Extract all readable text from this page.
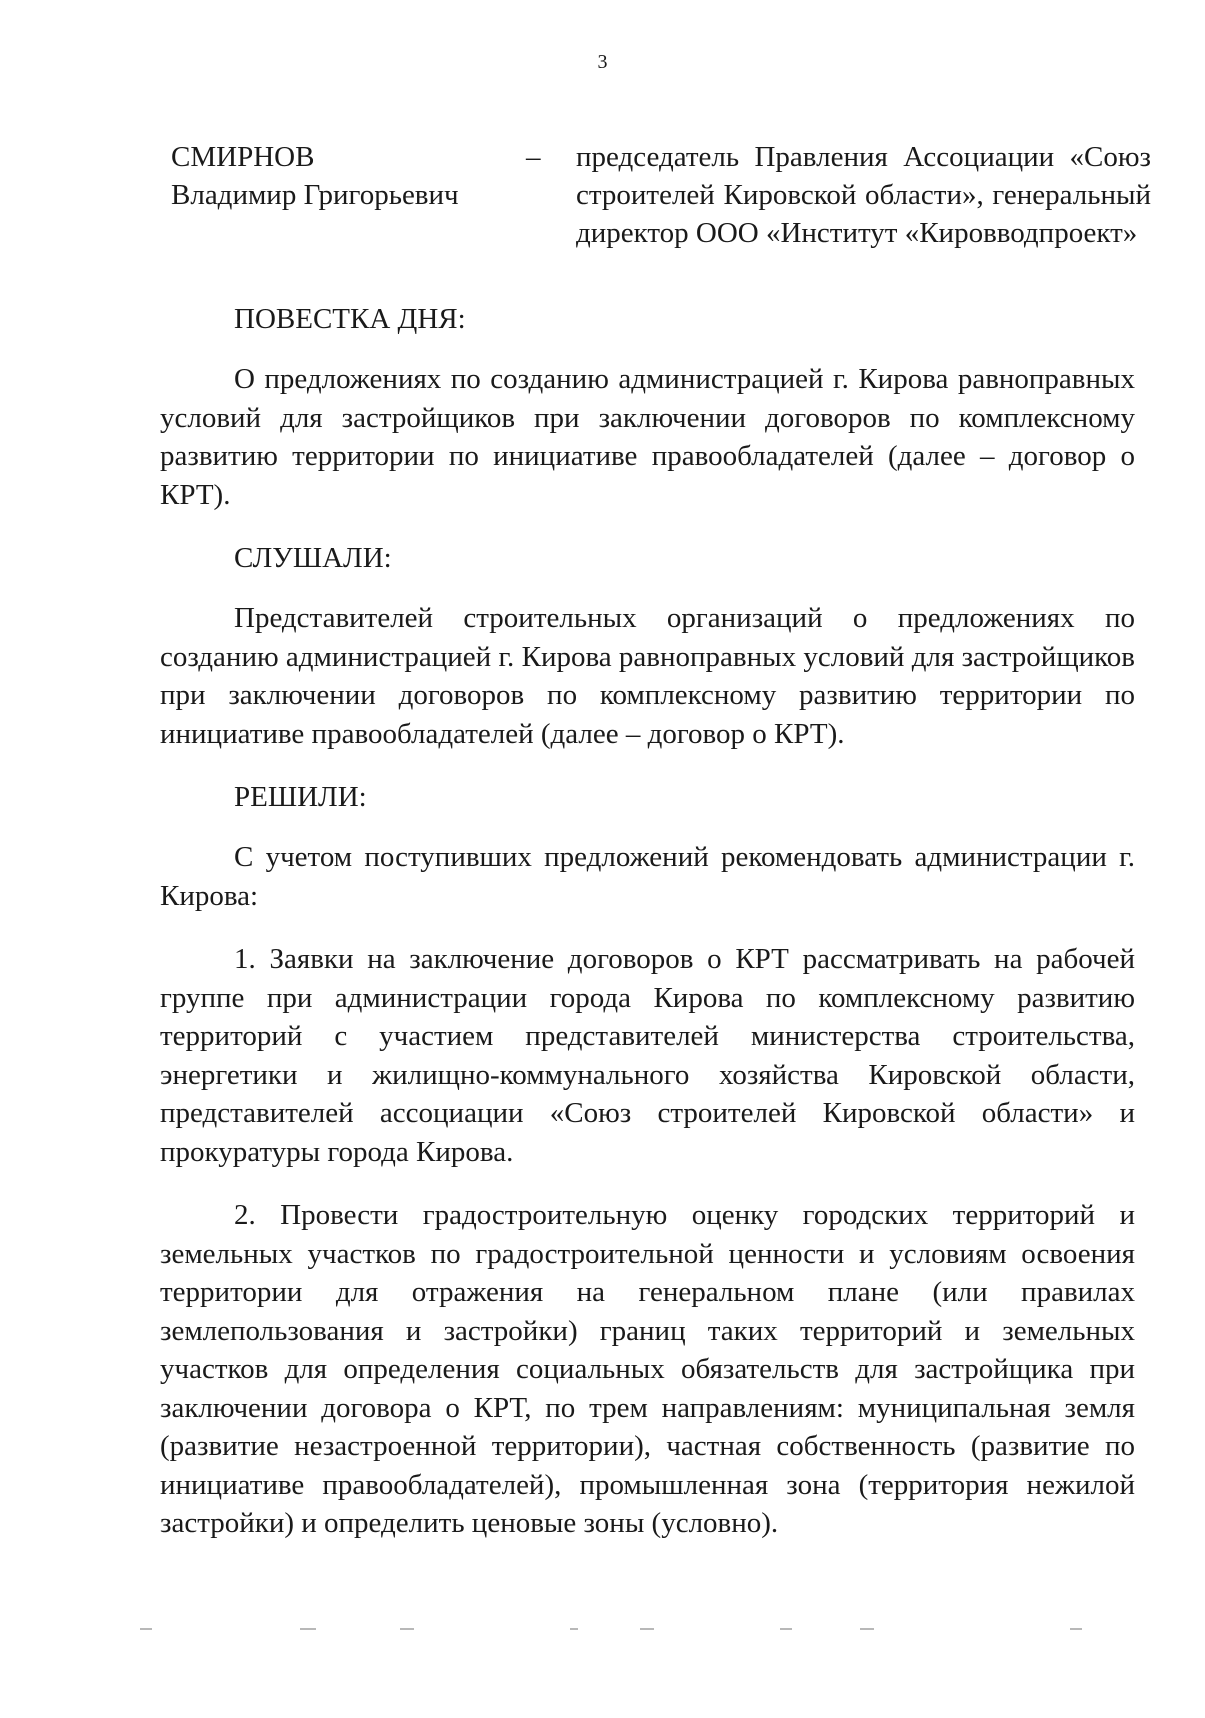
3
СМИРНОВ
Владимир Григорьевич
–	председатель Правления Ассоциации «Союз строителей Кировской области», генеральный директор ООО «Институт «Кировводпроект»

ПОВЕСТКА ДНЯ:

О предложениях по созданию администрацией г. Кирова равноправных условий для застройщиков при заключении договоров по комплексному развитию территории по инициативе правообладателей (далее – договор о КРТ).

СЛУШАЛИ:

Представителей строительных организаций о предложениях по созданию администрацией г. Кирова равноправных условий для застройщиков при заключении договоров по комплексному развитию территории по инициативе правообладателей (далее – договор о КРТ).

РЕШИЛИ:

С учетом поступивших предложений рекомендовать администрации г. Кирова:

1. Заявки на заключение договоров о КРТ рассматривать на рабочей группе при администрации города Кирова по комплексному развитию территорий с участием представителей министерства строительства, энергетики и жилищно-коммунального хозяйства Кировской области, представителей ассоциации «Союз строителей Кировской области» и прокуратуры города Кирова.

2. Провести градостроительную оценку городских территорий и земельных участков по градостроительной ценности и условиям освоения территории для отражения на генеральном плане (или правилах землепользования и застройки) границ таких территорий и земельных участков для определения социальных обязательств для застройщика при заключении договора о КРТ, по трем направлениям: муниципальная земля (развитие незастроенной территории), частная собственность (развитие по инициативе правообладателей), промышленная зона (территория нежилой застройки) и определить ценовые зоны (условно).
